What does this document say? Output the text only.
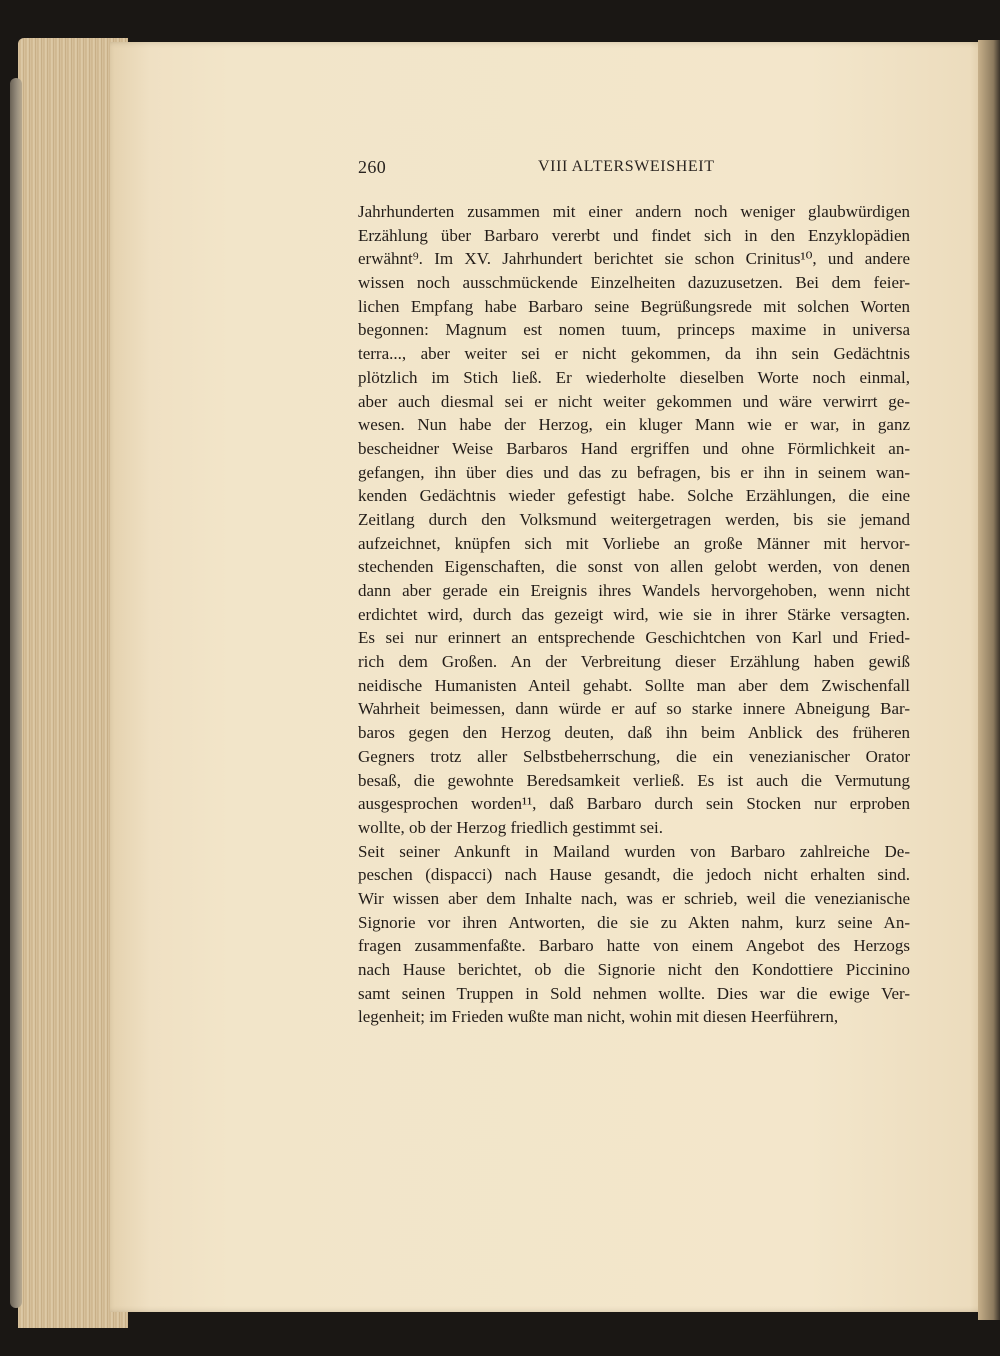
260	VIII ALTERSWEISHEIT
Jahrhunderten zusammen mit einer andern noch weniger glaubwürdigen
Erzählung über Barbaro vererbt und findet sich in den Enzyklopädien
erwähnt⁹. Im XV. Jahrhundert berichtet sie schon Crinitus¹⁰, und andere
wissen noch ausschmückende Einzelheiten dazuzusetzen. Bei dem feier-
lichen Empfang habe Barbaro seine Begrüßungsrede mit solchen Worten
begonnen: Magnum est nomen tuum, princeps maxime in universa
terra..., aber weiter sei er nicht gekommen, da ihn sein Gedächtnis
plötzlich im Stich ließ. Er wiederholte dieselben Worte noch einmal,
aber auch diesmal sei er nicht weiter gekommen und wäre verwirrt ge-
wesen. Nun habe der Herzog, ein kluger Mann wie er war, in ganz
bescheidner Weise Barbaros Hand ergriffen und ohne Förmlichkeit an-
gefangen, ihn über dies und das zu befragen, bis er ihn in seinem wan-
kenden Gedächtnis wieder gefestigt habe. Solche Erzählungen, die eine
Zeitlang durch den Volksmund weitergetragen werden, bis sie jemand
aufzeichnet, knüpfen sich mit Vorliebe an große Männer mit hervor-
stechenden Eigenschaften, die sonst von allen gelobt werden, von denen
dann aber gerade ein Ereignis ihres Wandels hervorgehoben, wenn nicht
erdichtet wird, durch das gezeigt wird, wie sie in ihrer Stärke versagten.
Es sei nur erinnert an entsprechende Geschichtchen von Karl und Fried-
rich dem Großen. An der Verbreitung dieser Erzählung haben gewiß
neidische Humanisten Anteil gehabt. Sollte man aber dem Zwischenfall
Wahrheit beimessen, dann würde er auf so starke innere Abneigung Bar-
baros gegen den Herzog deuten, daß ihn beim Anblick des früheren
Gegners trotz aller Selbstbeherrschung, die ein venezianischer Orator
besaß, die gewohnte Beredsamkeit verließ. Es ist auch die Vermutung
ausgesprochen worden¹¹, daß Barbaro durch sein Stocken nur erproben
wollte, ob der Herzog friedlich gestimmt sei.
Seit seiner Ankunft in Mailand wurden von Barbaro zahlreiche De-
peschen (dispacci) nach Hause gesandt, die jedoch nicht erhalten sind.
Wir wissen aber dem Inhalte nach, was er schrieb, weil die venezianische
Signorie vor ihren Antworten, die sie zu Akten nahm, kurz seine An-
fragen zusammenfaßte. Barbaro hatte von einem Angebot des Herzogs
nach Hause berichtet, ob die Signorie nicht den Kondottiere Piccinino
samt seinen Truppen in Sold nehmen wollte. Dies war die ewige Ver-
legenheit; im Frieden wußte man nicht, wohin mit diesen Heerführern,
